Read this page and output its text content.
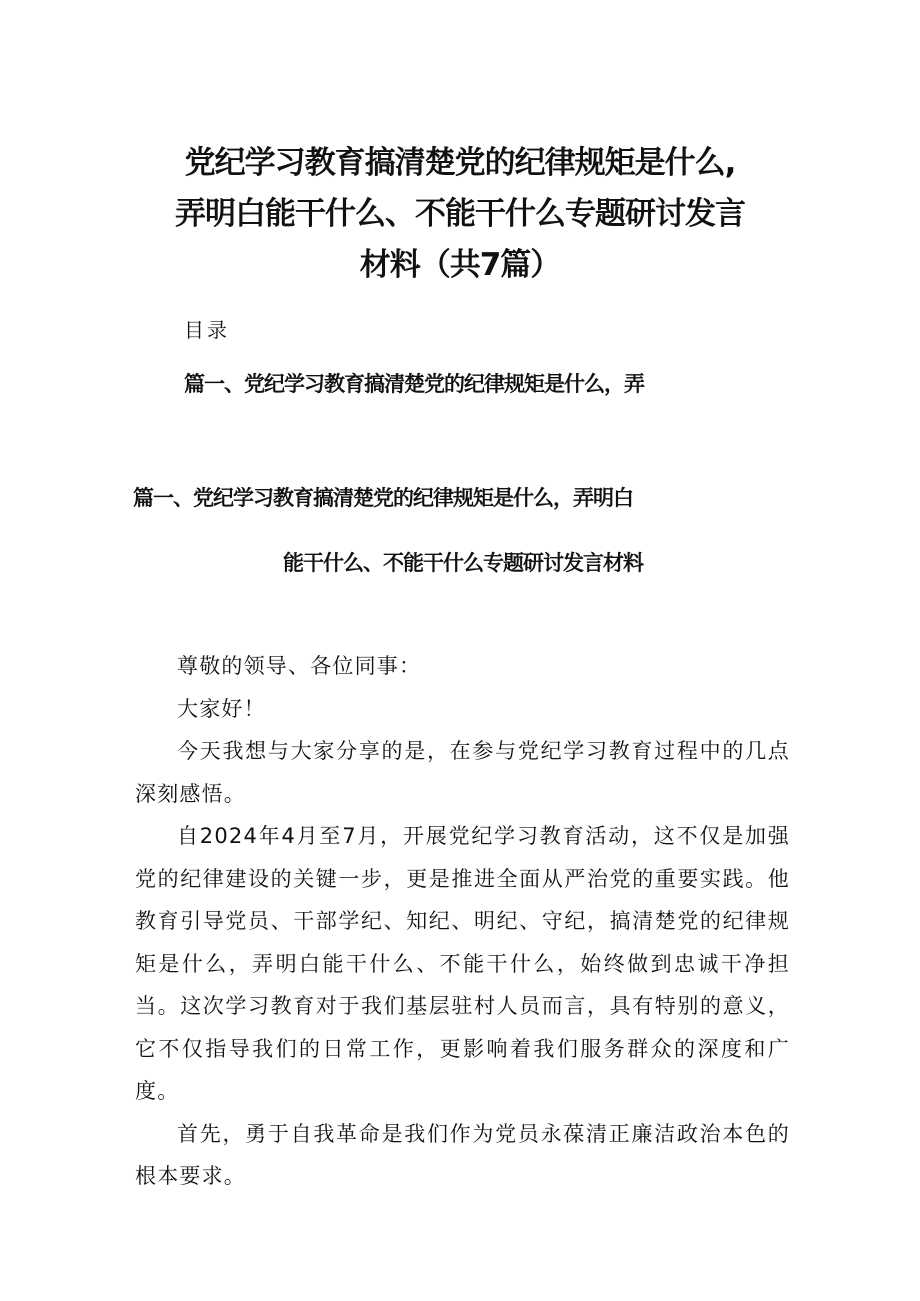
党纪学习教育搞清楚党的纪律规矩是什么,
弄明白能干什么、不能干什么专题研讨发言
材料（共7篇）
目录
篇一、党纪学习教育搞清楚党的纪律规矩是什么，弄
篇一、党纪学习教育搞清楚党的纪律规矩是什么，弄明白
能干什么、不能干什么专题研讨发言材料

尊敬的领导、各位同事：

大家好！

今天我想与大家分享的是，在参与党纪学习教育过程中的几点深刻感悟。

自2024年4月至7月，开展党纪学习教育活动，这不仅是加强党的纪律建设的关键一步，更是推进全面从严治党的重要实践。他教育引导党员、干部学纪、知纪、明纪、守纪，搞清楚党的纪律规矩是什么，弄明白能干什么、不能干什么，始终做到忠诚干净担当。这次学习教育对于我们基层驻村人员而言，具有特别的意义，它不仅指导我们的日常工作，更影响着我们服务群众的深度和广度。

首先，勇于自我革命是我们作为党员永葆清正廉洁政治本色的根本要求。
